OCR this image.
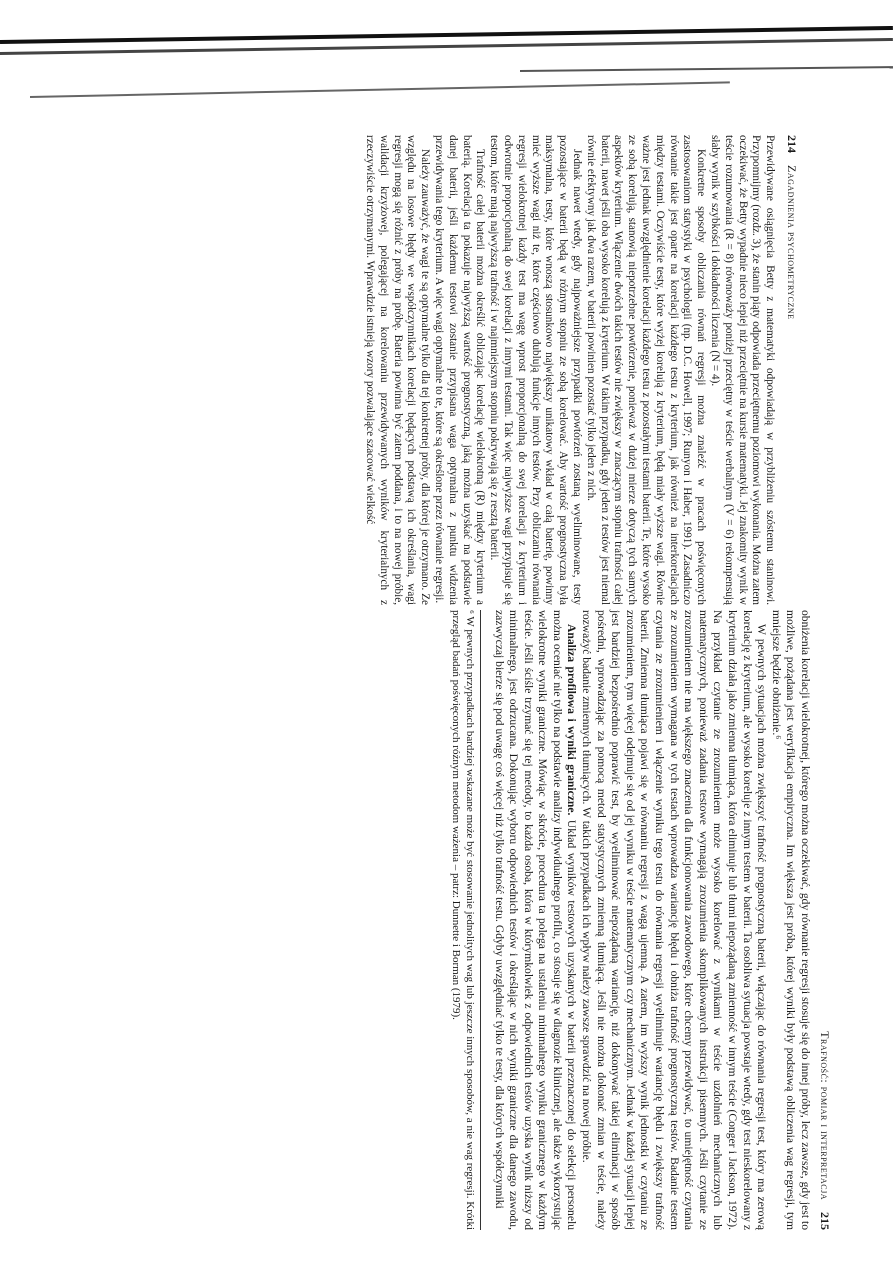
214
Zagadnienia psychometryczne

Przewidywane osiągnięcia Betty z matematyki odpowiadają w przybliżeniu szóstemu staninowi. Przypomnijmy (rozdz. 3), że stanin piąty odpowiada przeciętnemu poziomowi wykonania. Można zatem oczekiwać, że Betty wypadnie nieco lepiej niż przeciętnie na kursie matematyki. Jej znakomity wynik w teście rozumowania (R = 8) równoważy poniżej przeciętny w teście werbalnym (V = 6) rekompensują słaby wynik w szybkości i dokładności liczenia (N = 4).

Konkretne sposoby obliczania równań regresji można znaleźć w pracach poświęconych zastosowaniom statystyki w psychologii (np. D.C. Howell, 1997; Runyon i Haber, 1991). Zasadniczo równanie takie jest oparte na korelacji każdego testu z kryterium, jak również na interkorelacjach między testami. Oczywiście testy, które wyżej korelują z kryterium, będą miały wyższe wagi. Równie ważne jest jednak uwzględnienie korelacji każdego testu z pozostałymi testami baterii. Te, które wysoko ze sobą korelują, stanowią niepotrzebne powtórzenie, ponieważ w dużej mierze dotyczą tych samych aspektów kryterium. Włączenie dwóch takich testów nie zwiększy w znaczącym stopniu trafności całej baterii, nawet jeśli oba wysoko korelują z kryterium. W takim przypadku, gdy jeden z testów jest niemal równie efektywny jak dwa razem, w baterii powinien pozostać tylko jeden z nich.

Jednak nawet wtedy, gdy najpoważniejsze przypadki powtórzeń zostaną wyeliminowane, testy pozostające w baterii będą w różnym stopniu ze sobą korelować. Aby wartość prognostyczna była maksymalna, testy, które wnoszą stosunkowo największy unikatowy wkład w całą baterię, powinny mieć wyższe wagi niż te, które częściowo dublują funkcje innych testów. Przy obliczaniu równania regresji wielokrotnej każdy test ma wagę wprost proporcjonalną do swej korelacji z kryterium i odwrotnie proporcjonalną do swej korelacji z innymi testami. Tak więc najwyższe wagi przypisuje się testom, które mają najwyższą trafność i w najmniejszym stopniu pokrywają się z resztą baterii.

Trafność całej baterii można określić obliczając korelację wielokrotną (R) między kryterium a baterią. Korelacja ta pokazuje najwyższą wartość prognostyczną, jaką można uzyskać na podstawie danej baterii, jeśli każdemu testowi zostanie przypisana waga optymalna z punktu widzenia przewidywania tego kryterium. A więc wagi optymalne to te, które są określone przez równanie regresji.

Należy zauważyć, że wagi te są optymalne tylko dla tej konkretnej próby, dla której je otrzymano. Ze względu na losowe błędy we współczynnikach korelacji będących podstawą ich określania, wagi regresji mogą się różnić z próby na próbę. Bateria powinna być zatem poddana, i to na nowej próbie, walidacji krzyżowej, polegającej na korelowaniu przewidywanych wyników kryterialnych z rzeczywiście otrzymanymi. Wprawdzie istnieją wzory pozwalające szacować wielkość

Trafność: pomiar i interpretacja
215

obniżenia korelacji wielokrotnej, którego można oczekiwać, gdy równanie regresji stosuje się do innej próby, lecz zawsze, gdy jest to możliwe, pożądana jest weryfikacja empiryczna. Im większa jest próba, której wyniki były podstawą obliczenia wag regresji, tym mniejsze będzie obniżenie.⁶

W pewnych sytuacjach można zwiększyć trafność prognostyczną baterii, włączając do równania regresji test, który ma zerową korelację z kryterium, ale wysoko koreluje z innym testem w baterii. Ta osobliwa sytuacja powstaje wtedy, gdy test nieskorelowany z kryterium działa jako zmienna tłumiąca, która eliminuje lub tłumi niepożądaną zmienność w innym teście (Conger i Jackson, 1972). Na przykład czytanie ze zrozumieniem może wysoko korelować z wynikami w teście uzdolnień mechanicznych lub matematycznych, ponieważ zadania testowe wymagają zrozumienia skomplikowanych instrukcji pisemnych. Jeśli czytanie ze zrozumieniem nie ma większego znaczenia dla funkcjonowania zawodowego, które chcemy przewidywać, to umiejętność czytania ze zrozumieniem wymagana w tych testach wprowadza wariancję błędu i obniża trafność prognostyczną testów. Badanie testem czytania ze zrozumieniem i włączenie wyniku tego testu do równania regresji wyeliminuje wariancję błędu i zwiększy trafność baterii. Zmienna tłumiąca pojawi się w równaniu regresji z wagą ujemną. A zatem, im wyższy wynik jednostki w czytaniu ze zrozumieniem, tym więcej odejmuje się od jej wyniku w teście matematycznym czy mechanicznym. Jednak w każdej sytuacji lepiej jest bardziej bezpośrednio poprawić test, by wyeliminować niepożądaną wariancję, niż dokonywać takiej eliminacji w sposób pośredni, wprowadzając za pomocą metod statystycznych zmienną tłumiącą. Jeśli nie można dokonać zmian w teście, należy rozważyć badanie zmiennych tłumiących. W takich przypadkach ich wpływ należy zawsze sprawdzić na nowej próbie.

Analiza profilowa i wyniki graniczne. Układ wyników testowych uzyskanych w baterii przeznaczonej do selekcji personelu można oceniać nie tylko na podstawie analizy indywidualnego profilu, co stosuje się w diagnozie klinicznej, ale także wykorzystując wielokrotne wyniki graniczne. Mówiąc w skrócie, procedura ta polega na ustaleniu minimalnego wyniku granicznego w każdym teście. Jeśli ściśle trzymać się tej metody, to każda osoba, która w którymkolwiek z odpowiednich testów uzyska wynik niższy od minimalnego, jest odrzucana. Dokonując wyboru odpowiednich testów i określając w nich wyniki graniczne dla danego zawodu, zazwyczaj bierze się pod uwagę coś więcej niż tylko trafność testu. Gdyby uwzględniać tylko te testy, dla których współczynniki

⁶ W pewnych przypadkach bardziej wskazane może być stosowanie jednolitych wag lub jeszcze innych sposobów, a nie wag regresji. Krótki przegląd badań poświęconych różnym metodom ważenia – patrz: Dunnette i Borman (1979).
